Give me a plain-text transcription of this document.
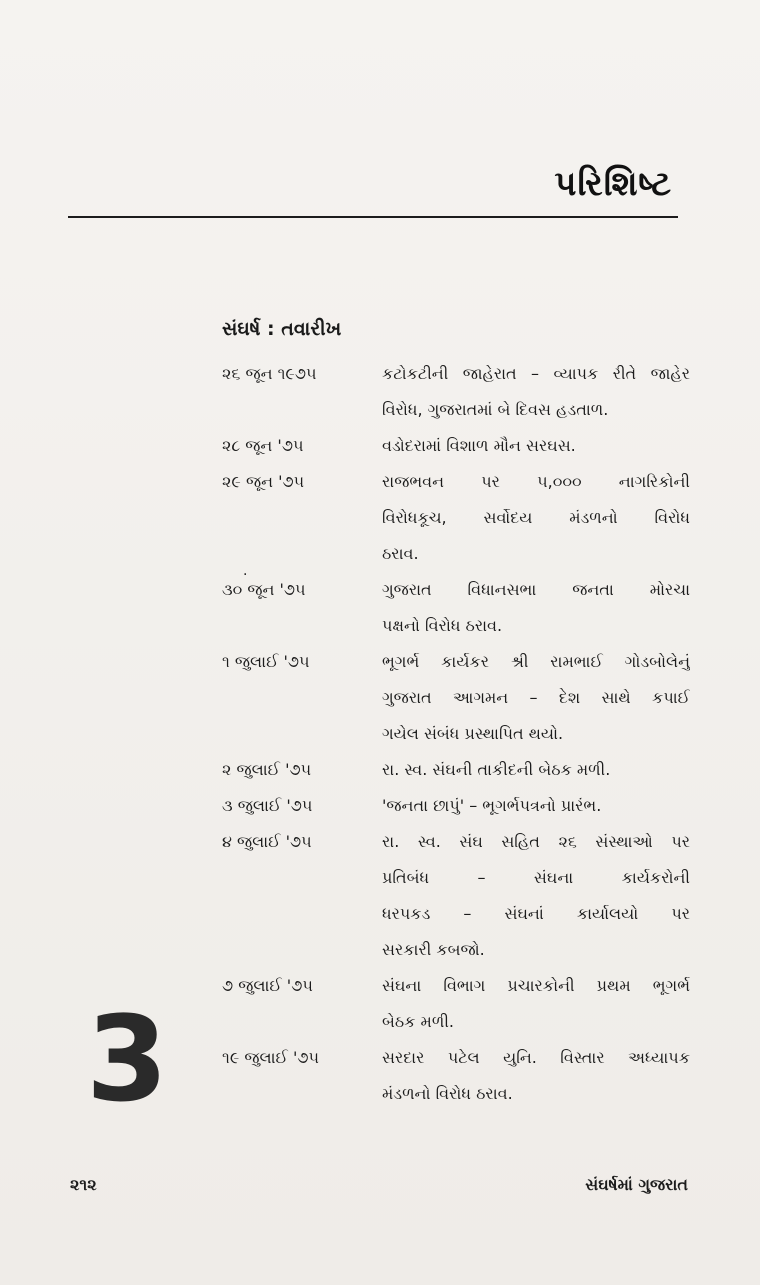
પરિશિષ્ટ
સંઘર્ષ : તવારીખ
૨૬ જૂન ૧૯૭૫	કટોકટીની જાહેરાત – વ્યાપક રીતે જાહેર
વિરોધ, ગુજરાતમાં બે દિવસ હડતાળ.
૨૮ જૂન '૭૫	વડોદરામાં વિશાળ મૌન સરઘસ.
૨૯ જૂન '૭૫	રાજભવન પર ૫,૦૦૦ નાગરિકોની
વિરોધકૂચ, સર્વોદય મંડળનો વિરોધ
ઠરાવ.
૩૦ જૂન '૭૫	ગુજરાત વિધાનસભા જનતા મોરચા
પક્ષનો વિરોધ ઠરાવ.
૧ જુલાઈ '૭૫	ભૂગર્ભ કાર્યકર શ્રી રામભાઈ ગોડબોલેનું
ગુજરાત આગમન – દેશ સાથે કપાઈ
ગયેલ સંબંધ પ્રસ્થાપિત થયો.
૨ જુલાઈ '૭૫	રા. સ્વ. સંઘની તાકીદની બેઠક મળી.
૩ જુલાઈ '૭૫	'જનતા છાપું' – ભૂગર્ભપત્રનો પ્રારંભ.
૪ જુલાઈ '૭૫	રા. સ્વ. સંઘ સહિત ૨૬ સંસ્થાઓ પર
પ્રતિબંધ – સંઘના કાર્યકરોની
ધરપકડ – સંઘનાં કાર્યાલયો પર
સરકારી કબજો.
૭ જુલાઈ '૭૫	સંઘના વિભાગ પ્રચારકોની પ્રથમ ભૂગર્ભ
બેઠક મળી.
૧૯ જુલાઈ '૭૫	સરદાર પટેલ યુનિ. વિસ્તાર અધ્યાપક
મંડળનો વિરોધ ઠરાવ.
.
3
૨૧૨	સંઘર્ષમાં ગુજરાત
